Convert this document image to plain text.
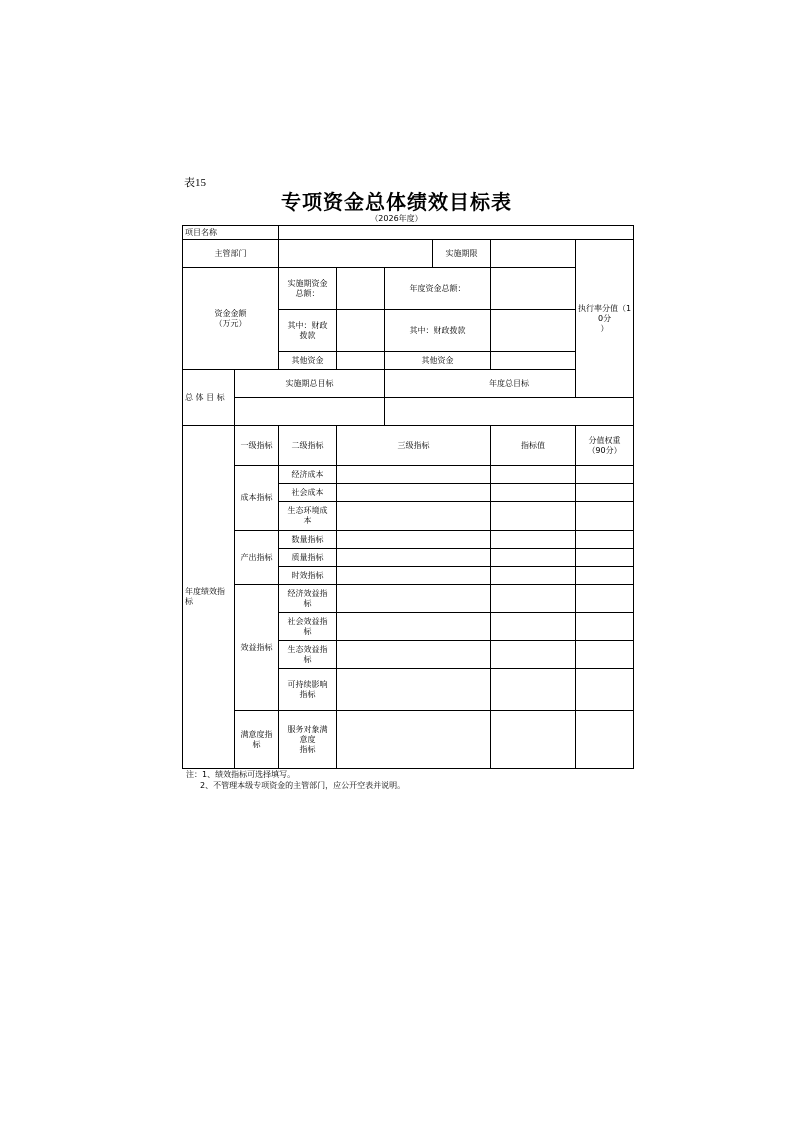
表15
专项资金总体绩效目标表
（2026年度）
项目名称							
主管部门					实施期限		执行率分值（10分
）
资金金额
（万元）		实施期资金
总额：		年度资金总额：			
		其中：财政
拨款		其中：财政拨款			
		其他资金		其他资金			
总 体 目 标	实施期总目标			年度总目标			

年度绩效指标	一级指标	二级指标	三级指标			指标值	分值权重
（90分）
	成本指标	经济成本					
		社会成本					
		生态环境成
本					
	产出指标	数量指标					
		质量指标					
		时效指标					
	效益指标	经济效益指
标					
		社会效益指
标					
		生态效益指
标					
		可持续影响
指标					
	满意度指
标	服务对象满
意度
指标					
注：1、绩效指标可选择填写。
2、不管理本级专项资金的主管部门，应公开空表并说明。
